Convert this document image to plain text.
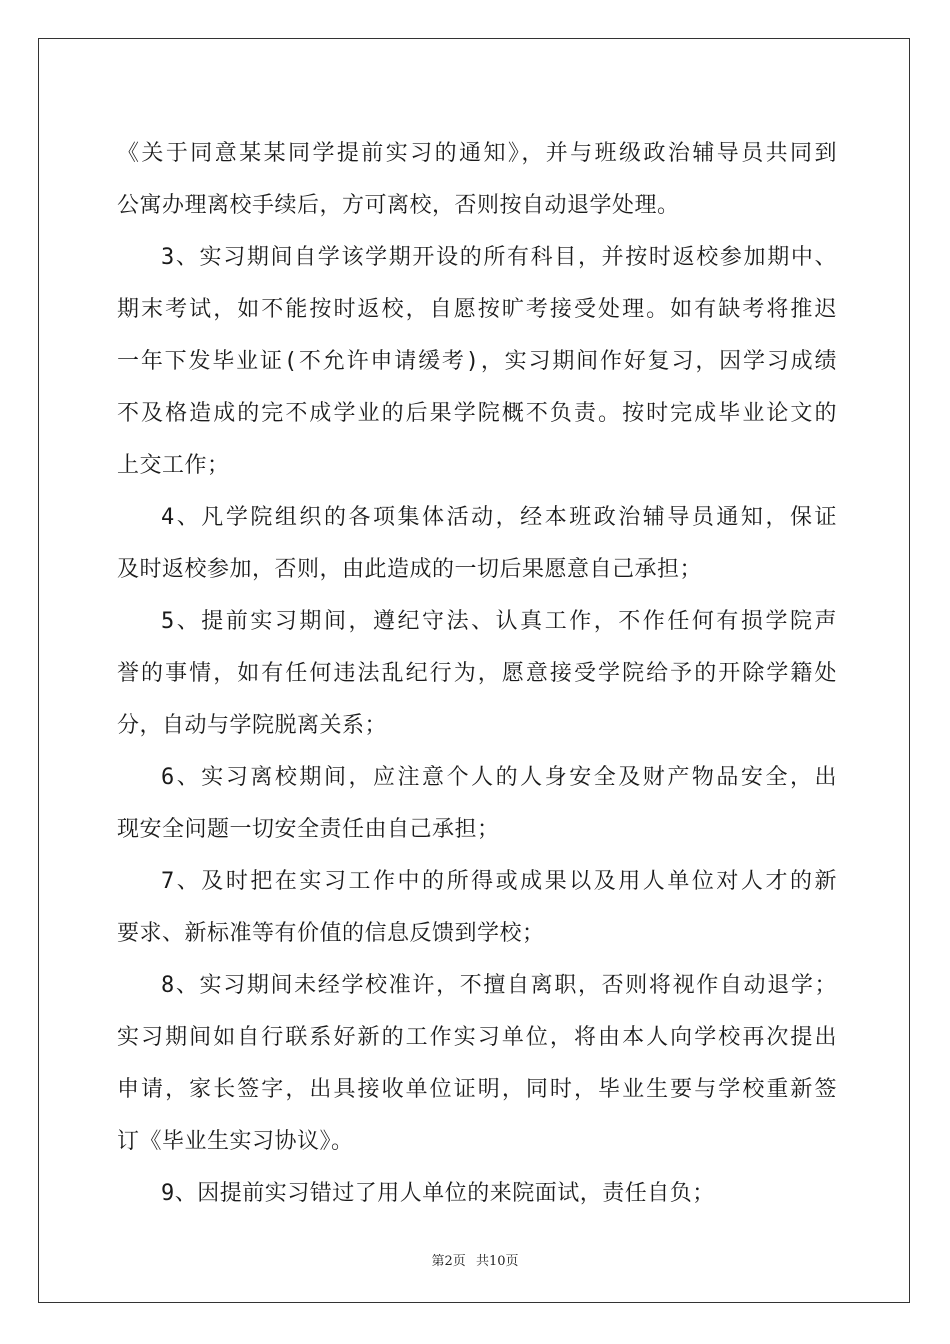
《关于同意某某同学提前实习的通知》，并与班级政治辅导员共同到
公寓办理离校手续后，方可离校，否则按自动退学处理。
3、实习期间自学该学期开设的所有科目，并按时返校参加期中、
期末考试，如不能按时返校，自愿按旷考接受处理。如有缺考将推迟
一年下发毕业证(不允许申请缓考)，实习期间作好复习，因学习成绩
不及格造成的完不成学业的后果学院概不负责。按时完成毕业论文的
上交工作；
4、凡学院组织的各项集体活动，经本班政治辅导员通知，保证
及时返校参加，否则，由此造成的一切后果愿意自己承担；
5、提前实习期间，遵纪守法、认真工作，不作任何有损学院声
誉的事情，如有任何违法乱纪行为，愿意接受学院给予的开除学籍处
分，自动与学院脱离关系；
6、实习离校期间，应注意个人的人身安全及财产物品安全，出
现安全问题一切安全责任由自己承担；
7、及时把在实习工作中的所得或成果以及用人单位对人才的新
要求、新标准等有价值的信息反馈到学校；
8、实习期间未经学校准许，不擅自离职，否则将视作自动退学；
实习期间如自行联系好新的工作实习单位，将由本人向学校再次提出
申请，家长签字，出具接收单位证明，同时，毕业生要与学校重新签
订《毕业生实习协议》。
9、因提前实习错过了用人单位的来院面试，责任自负；
第2页 共10页
